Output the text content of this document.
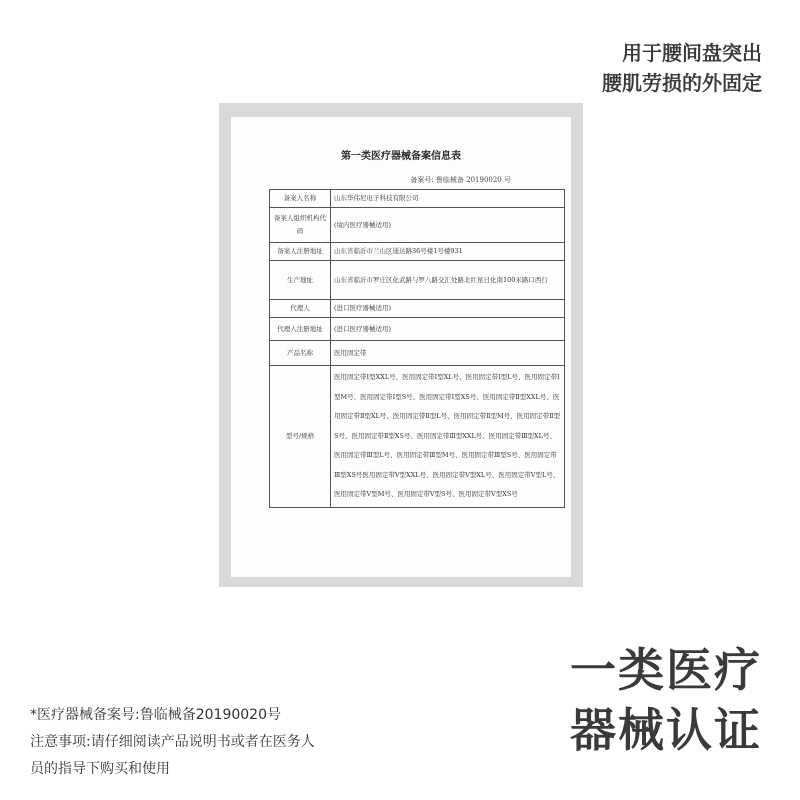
用于腰间盘突出
腰肌劳损的外固定
第一类医疗器械备案信息表
备案号: 鲁临械备 20190020 号
备案人名称	山东华伟尼电子科技有限公司
备案人组织机构代码	(境内医疗器械适用)
备案人注册地址	山东省临沂市兰山区通达路36号楼1号楼931
生产地址	山东省临沂市罗庄区化武路与罗八路交汇处路北红星日化南100米路口西行
代理人	(进口医疗器械适用)
代理人注册地址	(进口医疗器械适用)
产品名称	医用固定带
型号/规格	医用固定带Ⅰ型XXL号、医用固定带Ⅰ型XL号、医用固定带Ⅰ型L号、医用固定带Ⅰ型M号、医用固定带Ⅰ型S号、医用固定带Ⅰ型XS号、医用固定带Ⅱ型XXL号、医用固定带Ⅱ型XL号、医用固定带Ⅱ型L号、医用固定带Ⅱ型M号、医用固定带Ⅱ型S号、医用固定带Ⅱ型XS号、医用固定带Ⅲ型XXL号、医用固定带Ⅲ型XL号、医用固定带Ⅲ型L号、医用固定带Ⅲ型M号、医用固定带Ⅲ型S号、医用固定带Ⅲ型XS号医用固定带Ⅴ型XXL号、医用固定带Ⅴ型XL号、医用固定带Ⅴ型L号、医用固定带Ⅴ型M号、医用固定带Ⅴ型S号、医用固定带Ⅴ型XS号
*医疗器械备案号:鲁临械备20190020号
注意事项:请仔细阅读产品说明书或者在医务人
员的指导下购买和使用
一类医疗
器械认证
